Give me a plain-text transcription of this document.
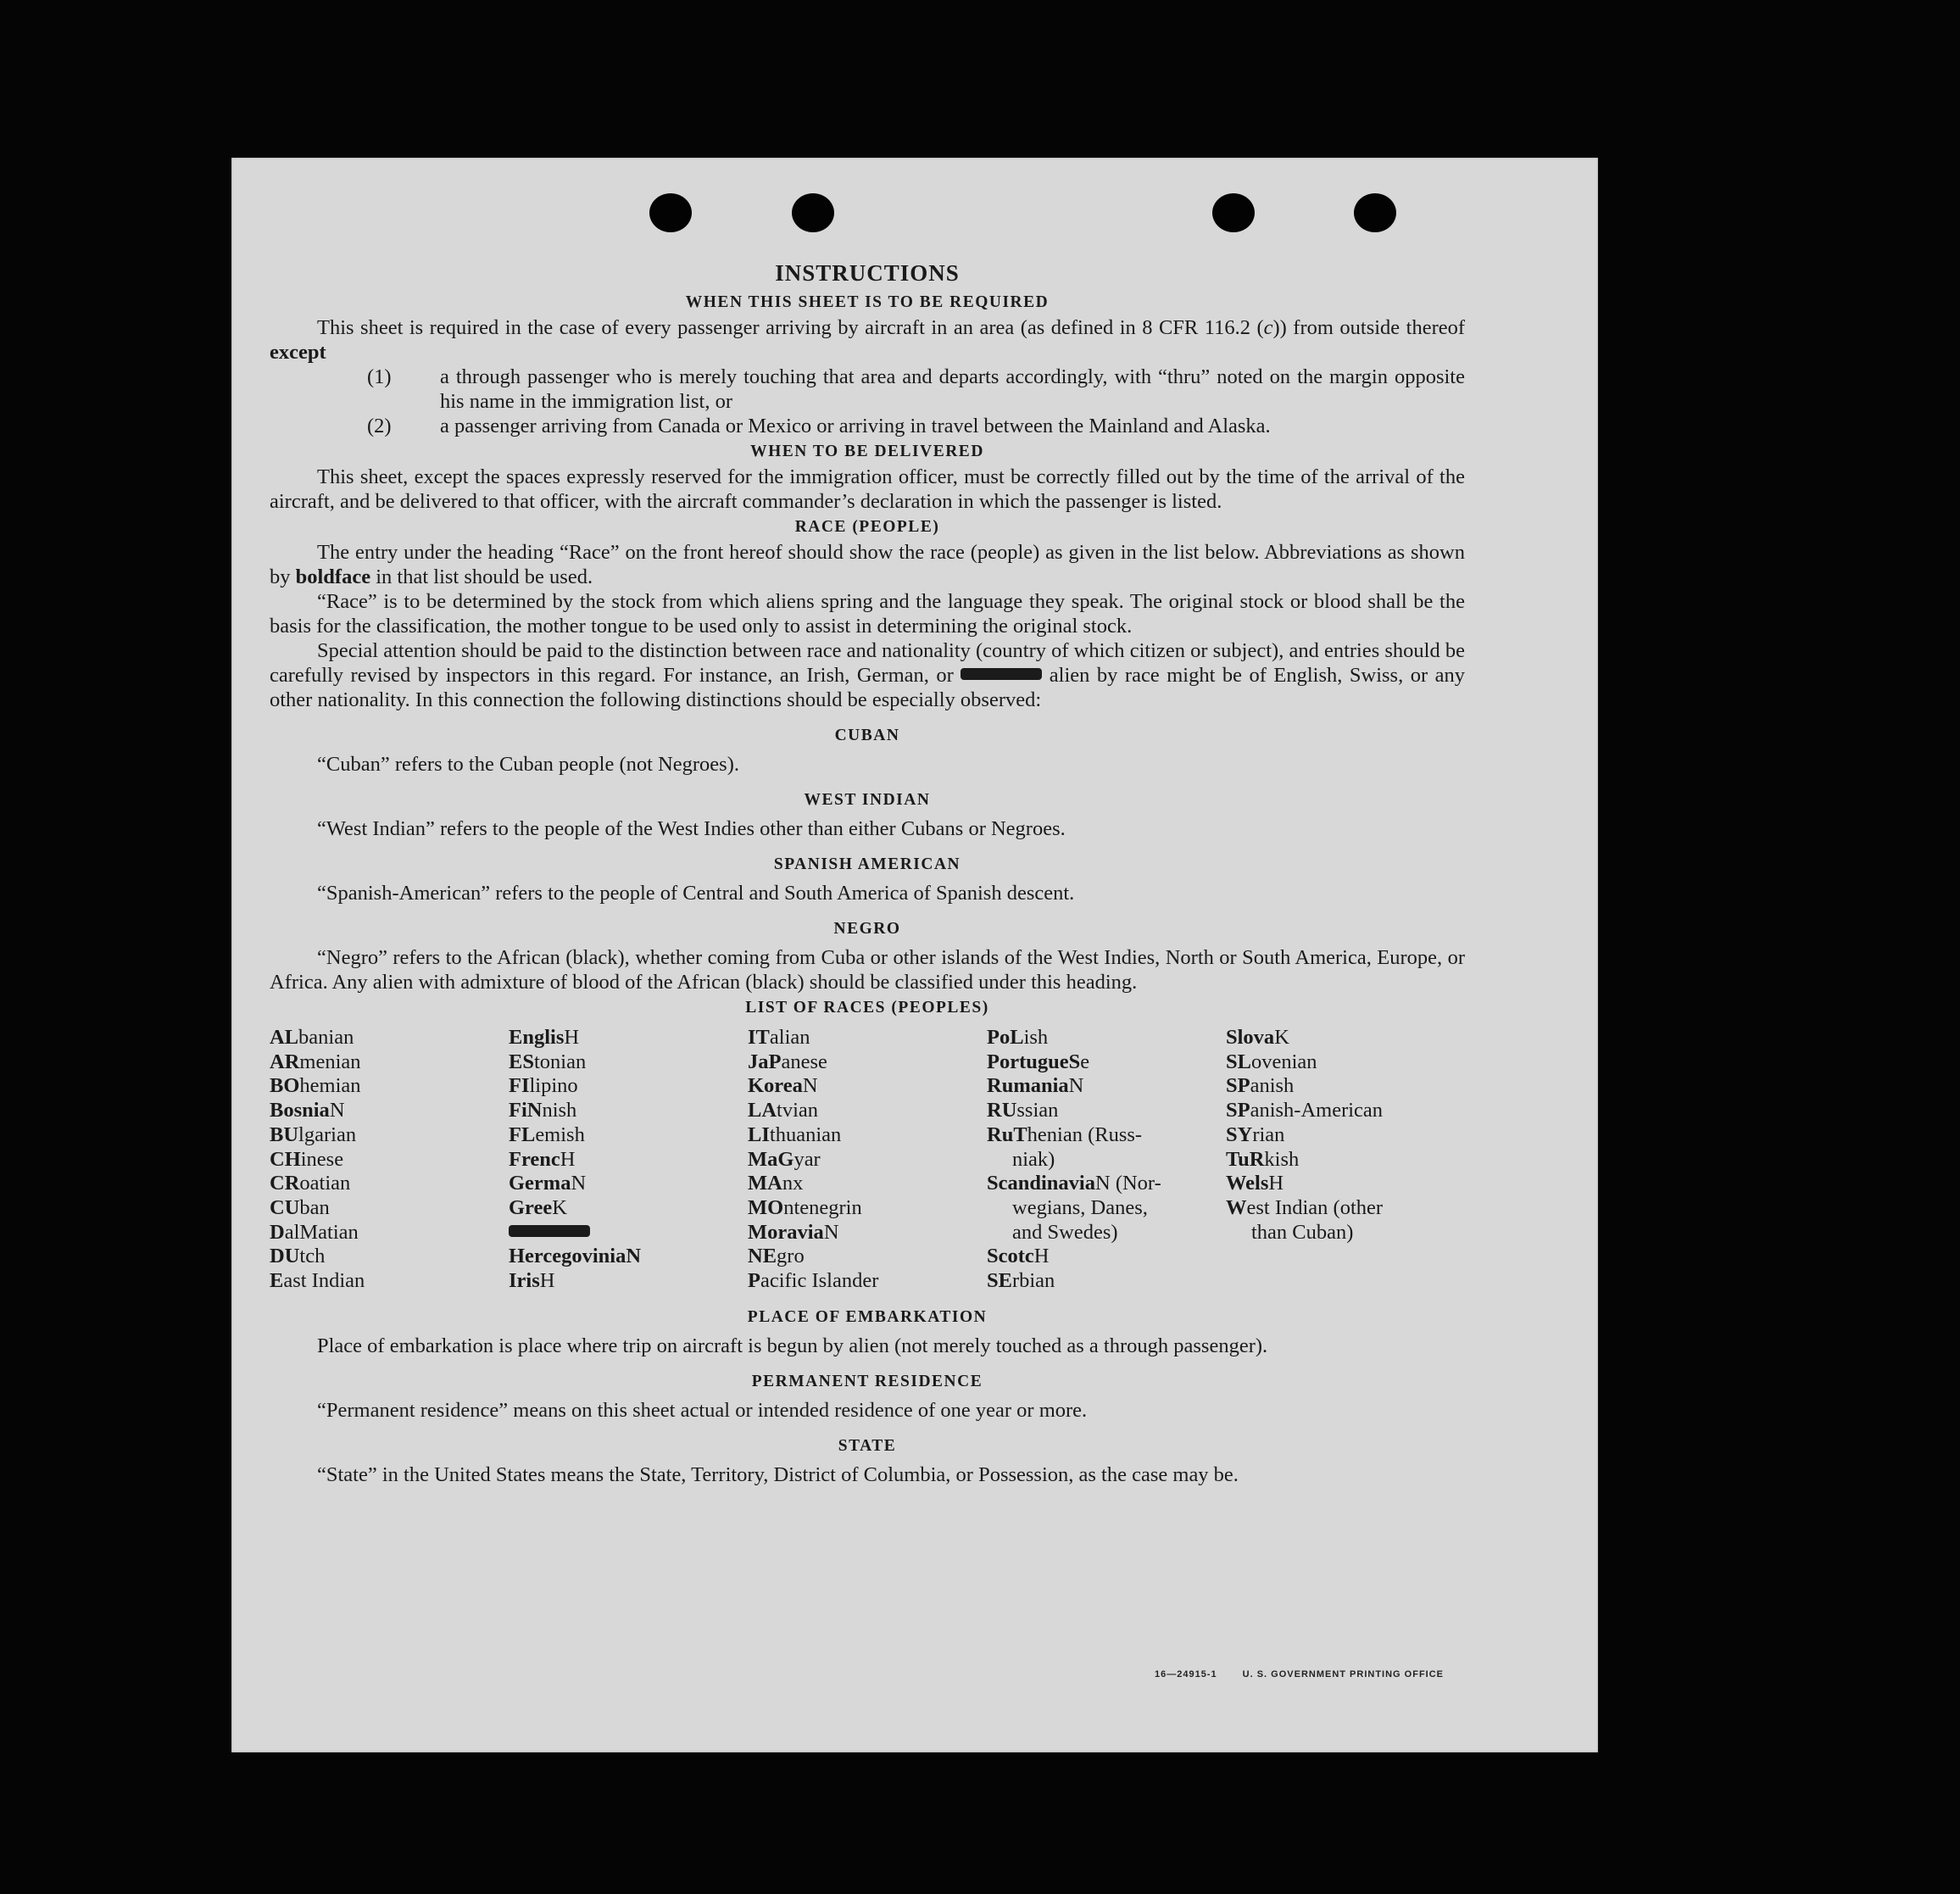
INSTRUCTIONS
WHEN THIS SHEET IS TO BE REQUIRED

This sheet is required in the case of every passenger arriving by aircraft in an area (as defined in 8 CFR 116.2 (c)) from outside thereof except

(1) a through passenger who is merely touching that area and departs accordingly, with “thru” noted on the margin opposite his name in the immigration list, or
(2) a passenger arriving from Canada or Mexico or arriving in travel between the Mainland and Alaska.
WHEN TO BE DELIVERED

This sheet, except the spaces expressly reserved for the immigration officer, must be correctly filled out by the time of the arrival of the aircraft, and be delivered to that officer, with the aircraft commander’s declaration in which the passenger is listed.

RACE (PEOPLE)

The entry under the heading “Race” on the front hereof should show the race (people) as given in the list below. Abbreviations as shown by boldface in that list should be used.

“Race” is to be determined by the stock from which aliens spring and the language they speak. The original stock or blood shall be the basis for the classification, the mother tongue to be used only to assist in determining the original stock.

Special attention should be paid to the distinction between race and nationality (country of which citizen or subject), and entries should be carefully revised by inspectors in this regard. For instance, an Irish, German, or	alien by race might be of English, Swiss, or any other nationality. In this connection the following distinctions should be especially observed:

CUBAN

“Cuban” refers to the Cuban people (not Negroes).

WEST INDIAN

“West Indian” refers to the people of the West Indies other than either Cubans or Negroes.

SPANISH AMERICAN

“Spanish-American” refers to the people of Central and South America of Spanish descent.

NEGRO

“Negro” refers to the African (black), whether coming from Cuba or other islands of the West Indies, North or South America, Europe, or Africa. Any alien with admixture of blood of the African (black) should be classified under this heading.

LIST OF RACES (PEOPLES)
ALbanian
ARmenian
BOhemian
BosniaN
BUlgarian
CHinese
CRoatian
CUban
DalMatian
DUtch
East Indian
EnglisH
EStonian
FIlipino
FiNnish
FLemish
FrencH
GermaN
GreeK
HercegoviniaN
IrisH
ITalian
JaPanese
KoreaN
LAtvian
LIthuanian
MaGyar
MAnx
MOntenegrin
MoraviaN
NEgro
Pacific Islander
PoLish
PortugueSe
RumaniaN
RUssian
RuThenian (Russ-
niak)
ScandinaviaN (Nor-
wegians, Danes,
and Swedes)
ScotcH
SErbian
SlovaK
SLovenian
SPanish
SPanish-American
SYrian
TuRkish
WelsH
West Indian (other
than Cuban)
PLACE OF EMBARKATION

Place of embarkation is place where trip on aircraft is begun by alien (not merely touched as a through passenger).

PERMANENT RESIDENCE

“Permanent residence” means on this sheet actual or intended residence of one year or more.

STATE

“State” in the United States means the State, Territory, District of Columbia, or Possession, as the case may be.

16—24915-1	U. S. GOVERNMENT PRINTING OFFICE
